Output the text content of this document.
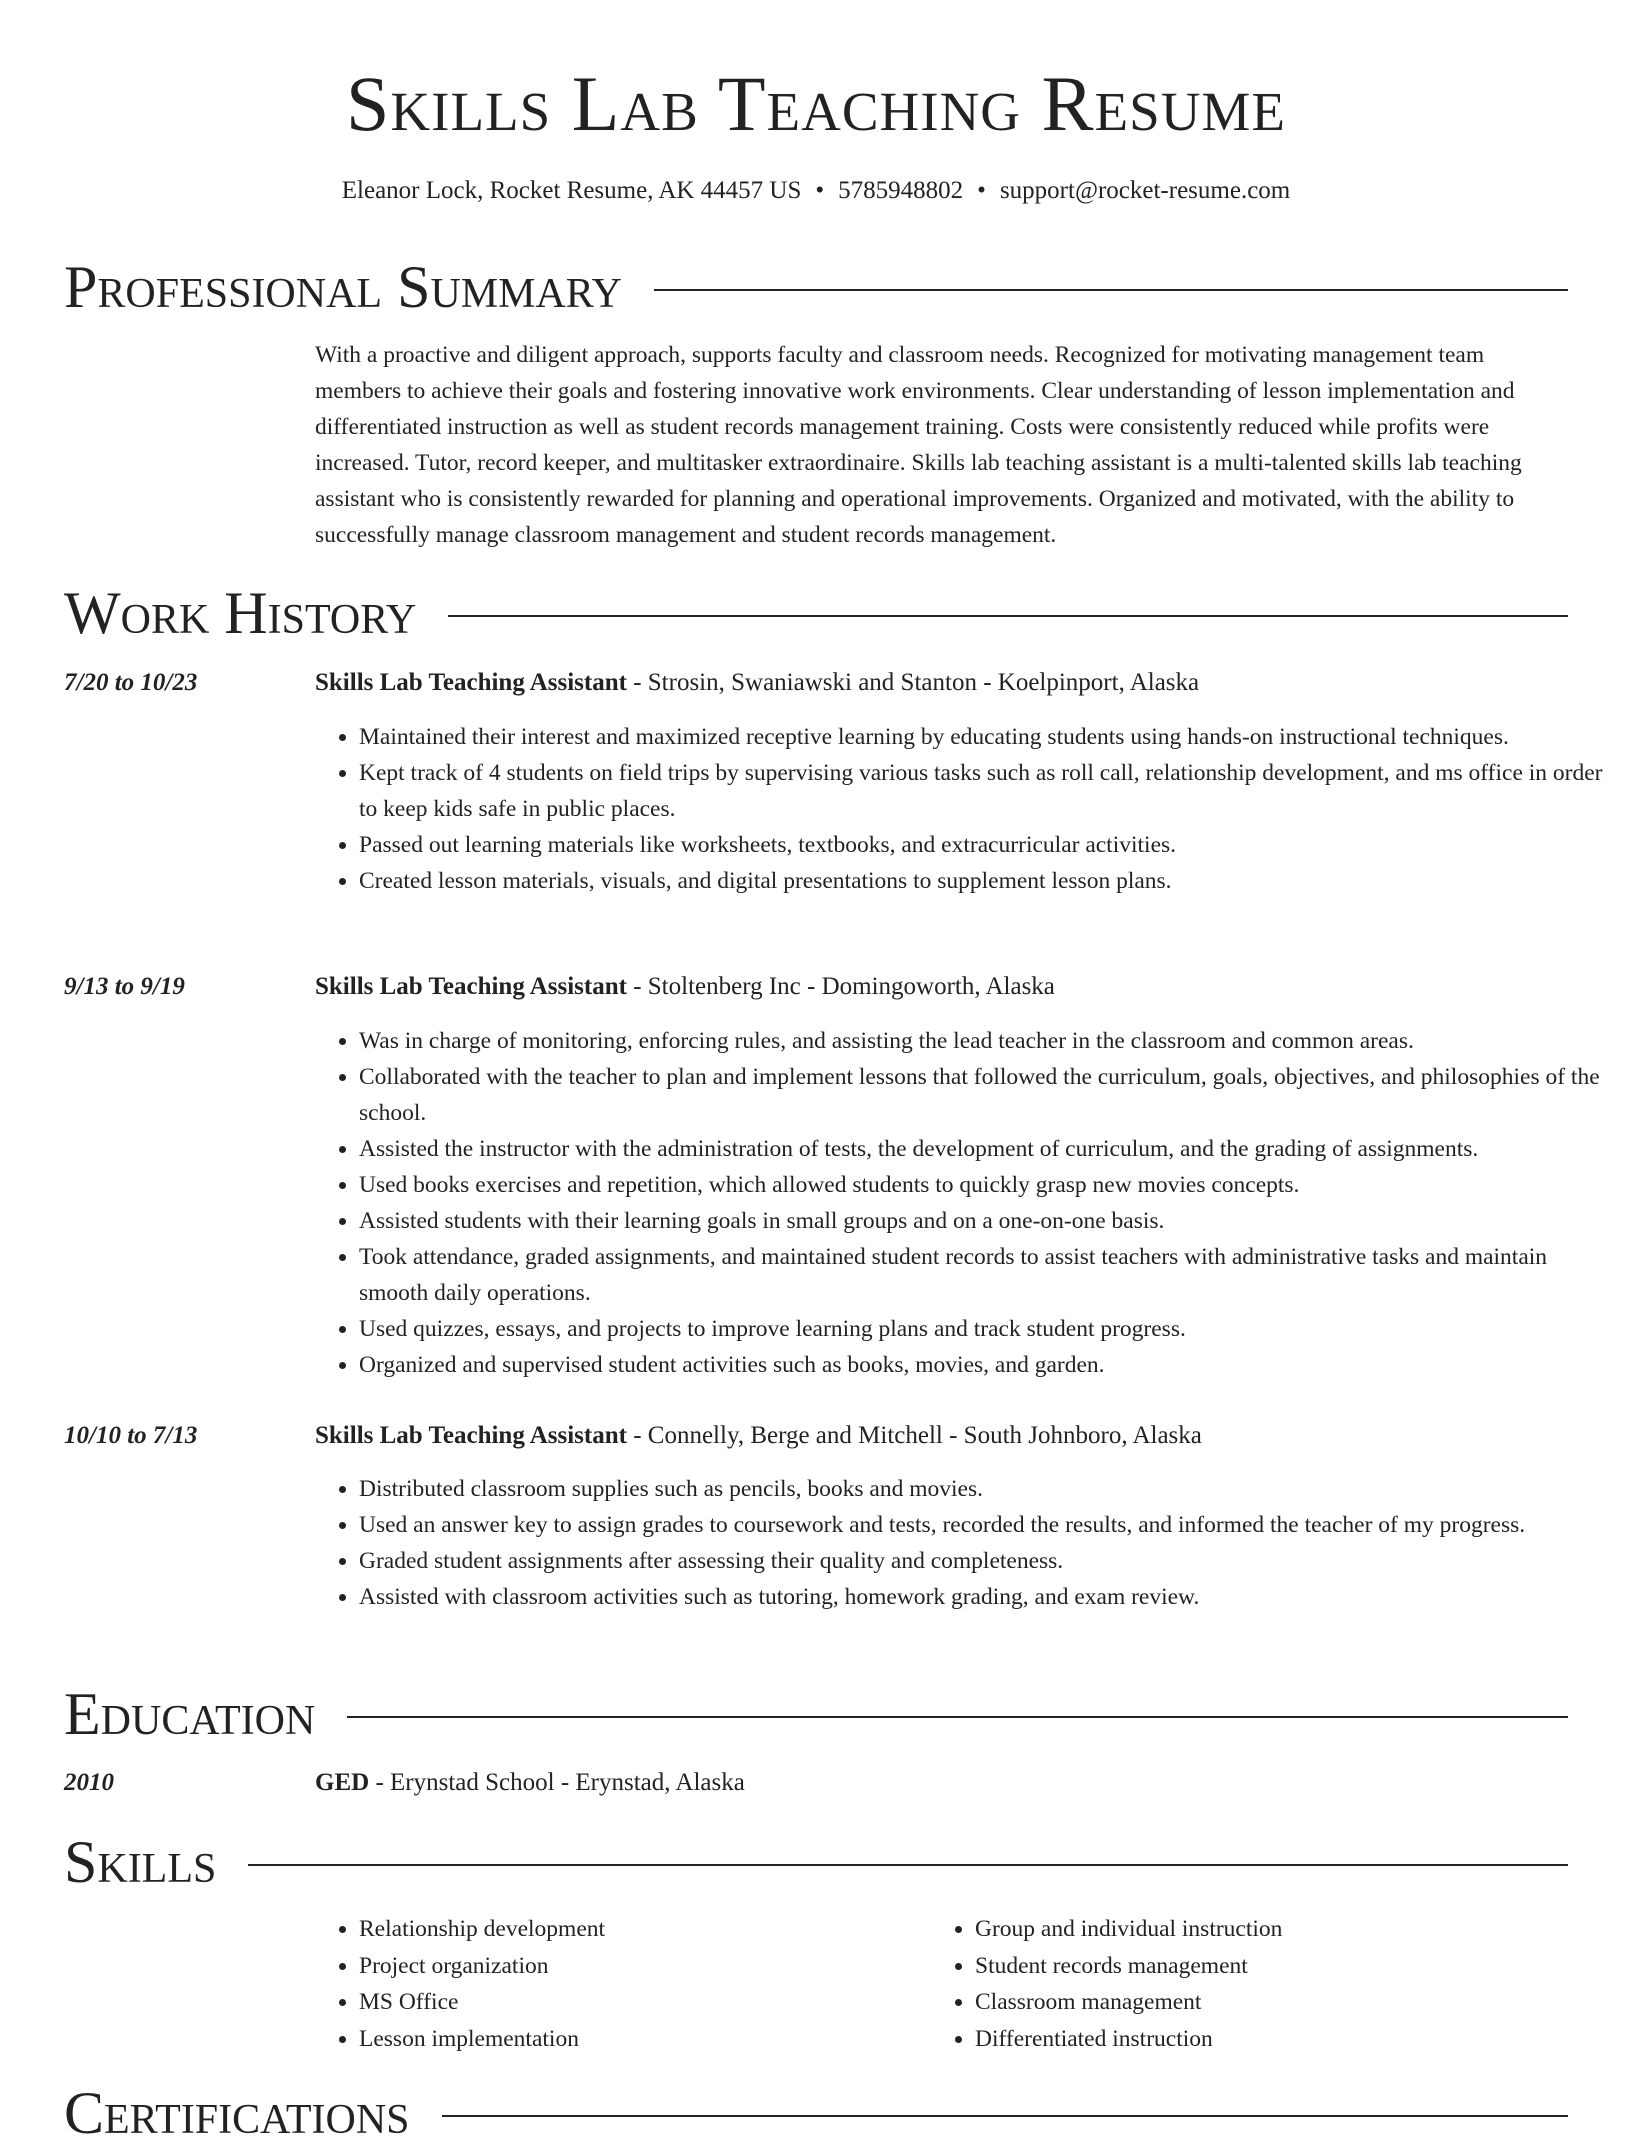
Skills Lab Teaching Resume
Eleanor Lock, Rocket Resume, AK 44457 US • 5785948802 • support@rocket-resume.com
Professional Summary

With a proactive and diligent approach, supports faculty and classroom needs. Recognized for motivating management team members to achieve their goals and fostering innovative work environments. Clear understanding of lesson implementation and differentiated instruction as well as student records management training. Costs were consistently reduced while profits were increased. Tutor, record keeper, and multitasker extraordinaire. Skills lab teaching assistant is a multi-talented skills lab teaching assistant who is consistently rewarded for planning and operational improvements. Organized and motivated, with the ability to successfully manage classroom management and student records management.

Work History
7/20 to 10/23	Skills Lab Teaching Assistant - Strosin, Swaniawski and Stanton - Koelpinport, Alaska
• Maintained their interest and maximized receptive learning by educating students using hands-on instructional techniques.
• Kept track of 4 students on field trips by supervising various tasks such as roll call, relationship development, and ms office in order to keep kids safe in public places.
• Passed out learning materials like worksheets, textbooks, and extracurricular activities.
• Created lesson materials, visuals, and digital presentations to supplement lesson plans.
9/13 to 9/19	Skills Lab Teaching Assistant - Stoltenberg Inc - Domingoworth, Alaska
• Was in charge of monitoring, enforcing rules, and assisting the lead teacher in the classroom and common areas.
• Collaborated with the teacher to plan and implement lessons that followed the curriculum, goals, objectives, and philosophies of the school.
• Assisted the instructor with the administration of tests, the development of curriculum, and the grading of assignments.
• Used books exercises and repetition, which allowed students to quickly grasp new movies concepts.
• Assisted students with their learning goals in small groups and on a one-on-one basis.
• Took attendance, graded assignments, and maintained student records to assist teachers with administrative tasks and maintain smooth daily operations.
• Used quizzes, essays, and projects to improve learning plans and track student progress.
• Organized and supervised student activities such as books, movies, and garden.
10/10 to 7/13	Skills Lab Teaching Assistant - Connelly, Berge and Mitchell - South Johnboro, Alaska
• Distributed classroom supplies such as pencils, books and movies.
• Used an answer key to assign grades to coursework and tests, recorded the results, and informed the teacher of my progress.
• Graded student assignments after assessing their quality and completeness.
• Assisted with classroom activities such as tutoring, homework grading, and exam review.
Education
2010	GED - Erynstad School - Erynstad, Alaska
Skills
• Relationship development
• Project organization
• MS Office
• Lesson implementation
• Group and individual instruction
• Student records management
• Classroom management
• Differentiated instruction
Certifications
